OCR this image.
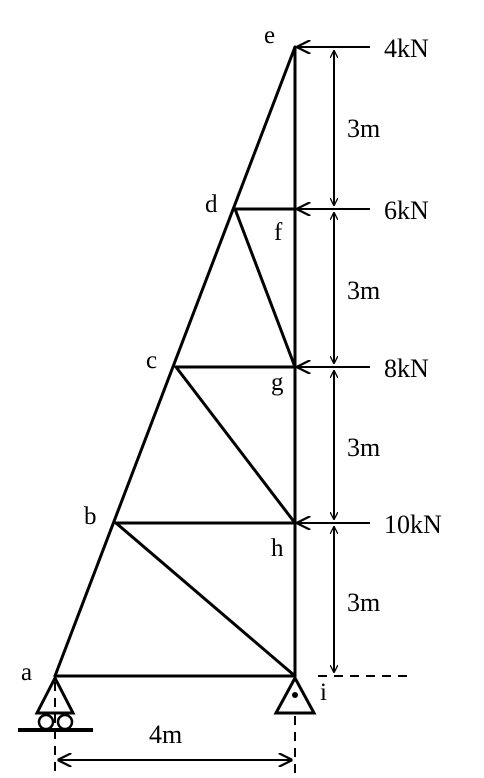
a
b
c
d
e
f
g
h
i
4kN
6kN
8kN
10kN
3m
3m
3m
3m
4m
